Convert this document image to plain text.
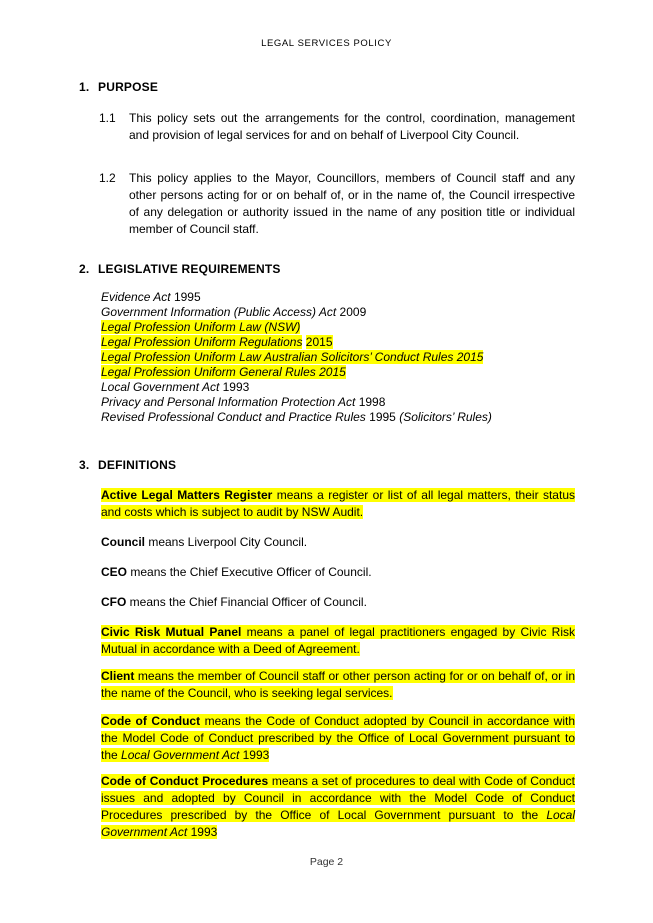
LEGAL SERVICES POLICY
1. PURPOSE
1.1	This policy sets out the arrangements for the control, coordination, management and provision of legal services for and on behalf of Liverpool City Council.
1.2	This policy applies to the Mayor, Councillors, members of Council staff and any other persons acting for or on behalf of, or in the name of, the Council irrespective of any delegation or authority issued in the name of any position title or individual member of Council staff.
2. LEGISLATIVE REQUIREMENTS
Evidence Act 1995
Government Information (Public Access) Act 2009
Legal Profession Uniform Law (NSW)
Legal Profession Uniform Regulations 2015
Legal Profession Uniform Law Australian Solicitors’ Conduct Rules 2015
Legal Profession Uniform General Rules 2015
Local Government Act 1993
Privacy and Personal Information Protection Act 1998
Revised Professional Conduct and Practice Rules 1995 (Solicitors’ Rules)
3. DEFINITIONS
Active Legal Matters Register means a register or list of all legal matters, their status and costs which is subject to audit by NSW Audit.
Council means Liverpool City Council.
CEO means the Chief Executive Officer of Council.
CFO means the Chief Financial Officer of Council.
Civic Risk Mutual Panel means a panel of legal practitioners engaged by Civic Risk Mutual in accordance with a Deed of Agreement.
Client means the member of Council staff or other person acting for or on behalf of, or in the name of the Council, who is seeking legal services.
Code of Conduct means the Code of Conduct adopted by Council in accordance with the Model Code of Conduct prescribed by the Office of Local Government pursuant to the Local Government Act 1993
Code of Conduct Procedures means a set of procedures to deal with Code of Conduct issues and adopted by Council in accordance with the Model Code of Conduct Procedures prescribed by the Office of Local Government pursuant to the Local Government Act 1993
Page 2
